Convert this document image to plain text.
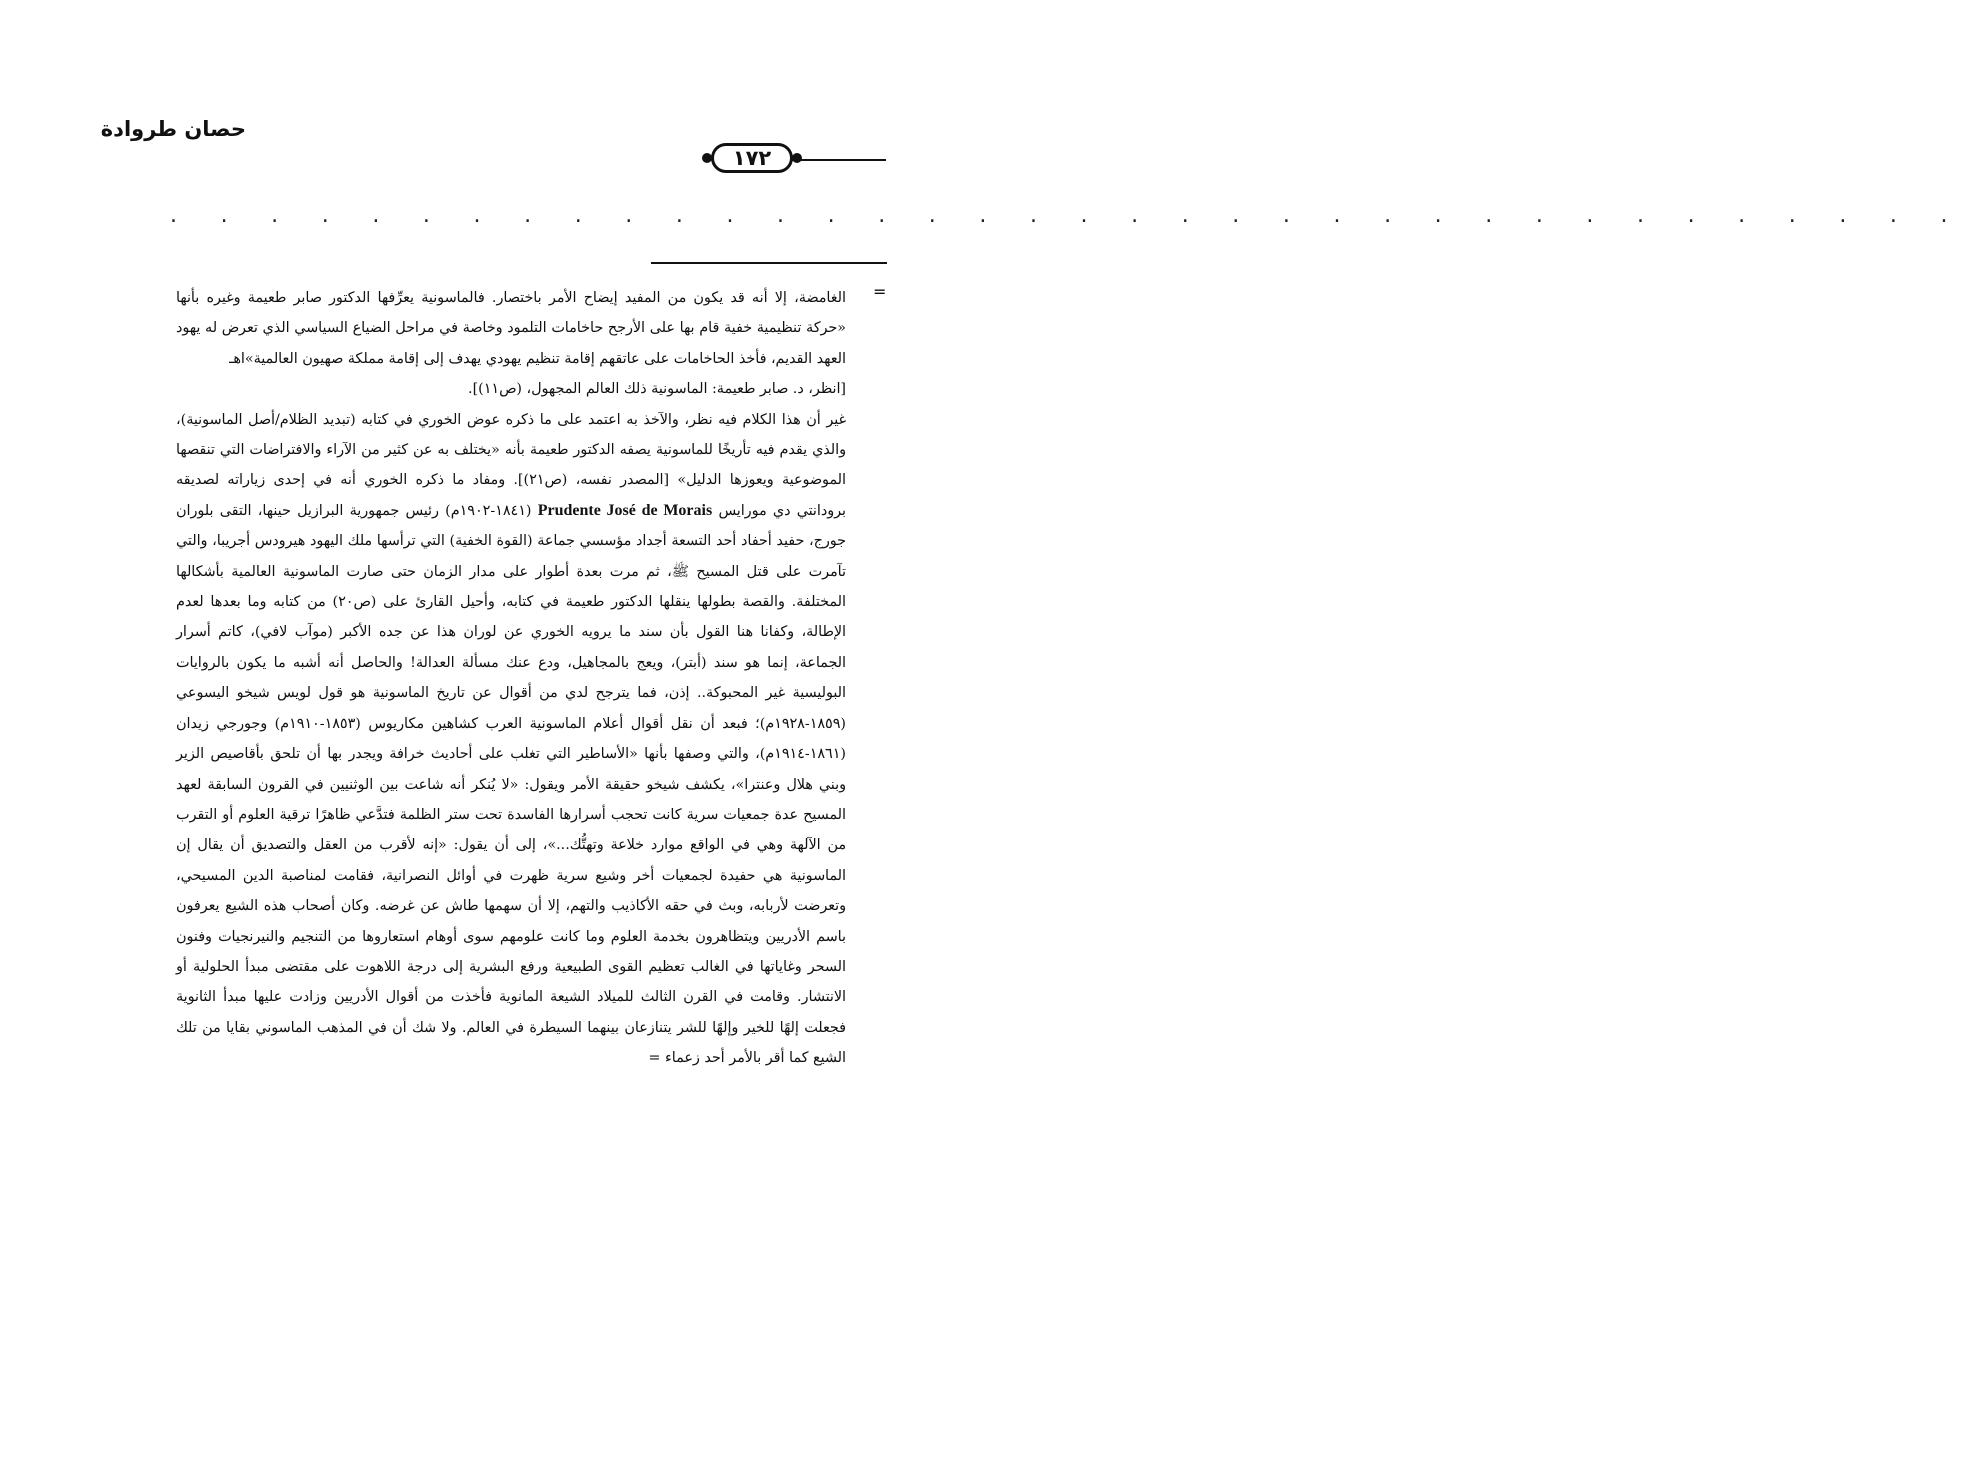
حصان طروادة
١٧٢
. . . . . . . . . . . . . . . . . . . . . . . . . . . . . . . . . . . .
=

الغامضة، إلا أنه قد يكون من المفيد إيضاح الأمر باختصار. فالماسونية يعرِّفها الدكتور صابر طعيمة وغيره بأنها «حركة تنظيمية خفية قام بها على الأرجح حاخامات التلمود وخاصة في مراحل الضياع السياسي الذي تعرض له يهود العهد القديم، فأخذ الحاخامات على عاتقهم إقامة تنظيم يهودي يهدف إلى إقامة مملكة صهيون العالمية»اهـ

[انظر، د. صابر طعيمة: الماسونية ذلك العالم المجهول، (ص١١)].

غير أن هذا الكلام فيه نظر، والآخذ به اعتمد على ما ذكره عوض الخوري في كتابه (تبديد الظلام/أصل الماسونية)، والذي يقدم فيه تأريخًا للماسونية يصفه الدكتور طعيمة بأنه «يختلف به عن كثير من الآراء والافتراضات التي تنقصها الموضوعية ويعوزها الدليل» [المصدر نفسه، (ص٢١)]. ومفاد ما ذكره الخوري أنه في إحدى زياراته لصديقه برودانتي دي مورايس Prudente José de Morais (١٨٤١-١٩٠٢م) رئيس جمهورية البرازيل حينها، التقى بلوران جورج، حفيد أحفاد أحد التسعة أجداد مؤسسي جماعة (القوة الخفية) التي ترأسها ملك اليهود هيرودس أجريبا، والتي تآمرت على قتل المسيح ﷺ، ثم مرت بعدة أطوار على مدار الزمان حتى صارت الماسونية العالمية بأشكالها المختلفة. والقصة بطولها ينقلها الدكتور طعيمة في كتابه، وأحيل القارئ على (ص٢٠) من كتابه وما بعدها لعدم الإطالة، وكفانا هنا القول بأن سند ما يرويه الخوري عن لوران هذا عن جده الأكبر (موآب لافي)، كاتم أسرار الجماعة، إنما هو سند (أبتر)، ويعج بالمجاهيل، ودع عنك مسألة العدالة! والحاصل أنه أشبه ما يكون بالروايات البوليسية غير المحبوكة.. إذن، فما يترجح لدي من أقوال عن تاريخ الماسونية هو قول لويس شيخو اليسوعي (١٨٥٩-١٩٢٨م)؛ فبعد أن نقل أقوال أعلام الماسونية العرب كشاهين مكاريوس (١٨٥٣-١٩١٠م) وجورجي زيدان (١٨٦١-١٩١٤م)، والتي وصفها بأنها «الأساطير التي تغلب على أحاديث خرافة ويجدر بها أن تلحق بأقاصيص الزير وبني هلال وعنترا»، يكشف شيخو حقيقة الأمر ويقول: «لا يُنكر أنه شاعت بين الوثنيين في القرون السابقة لعهد المسيح عدة جمعيات سرية كانت تحجب أسرارها الفاسدة تحت ستر الظلمة فتدَّعي ظاهرًا ترقية العلوم أو التقرب من الآلهة وهي في الواقع موارد خلاعة وتهتُّك...»، إلى أن يقول: «إنه لأقرب من العقل والتصديق أن يقال إن الماسونية هي حفيدة لجمعيات أخر وشيع سرية ظهرت في أوائل النصرانية، فقامت لمناصبة الدين المسيحي، وتعرضت لأربابه، وبث في حقه الأكاذيب والتهم، إلا أن سهمها طاش عن غرضه. وكان أصحاب هذه الشيع يعرفون باسم الأدريين ويتظاهرون بخدمة العلوم وما كانت علومهم سوى أوهام استعاروها من التنجيم والنيرنجيات وفنون السحر وغاياتها في الغالب تعظيم القوى الطبيعية ورفع البشرية إلى درجة اللاهوت على مقتضى مبدأ الحلولية أو الانتشار. وقامت في القرن الثالث للميلاد الشيعة المانوية فأخذت من أقوال الأدريين وزادت عليها مبدأ الثانوية فجعلت إلهًا للخير وإلهًا للشر يتنازعان بينهما السيطرة في العالم. ولا شك أن في المذهب الماسوني بقايا من تلك الشيع كما أقر بالأمر أحد زعماء =
